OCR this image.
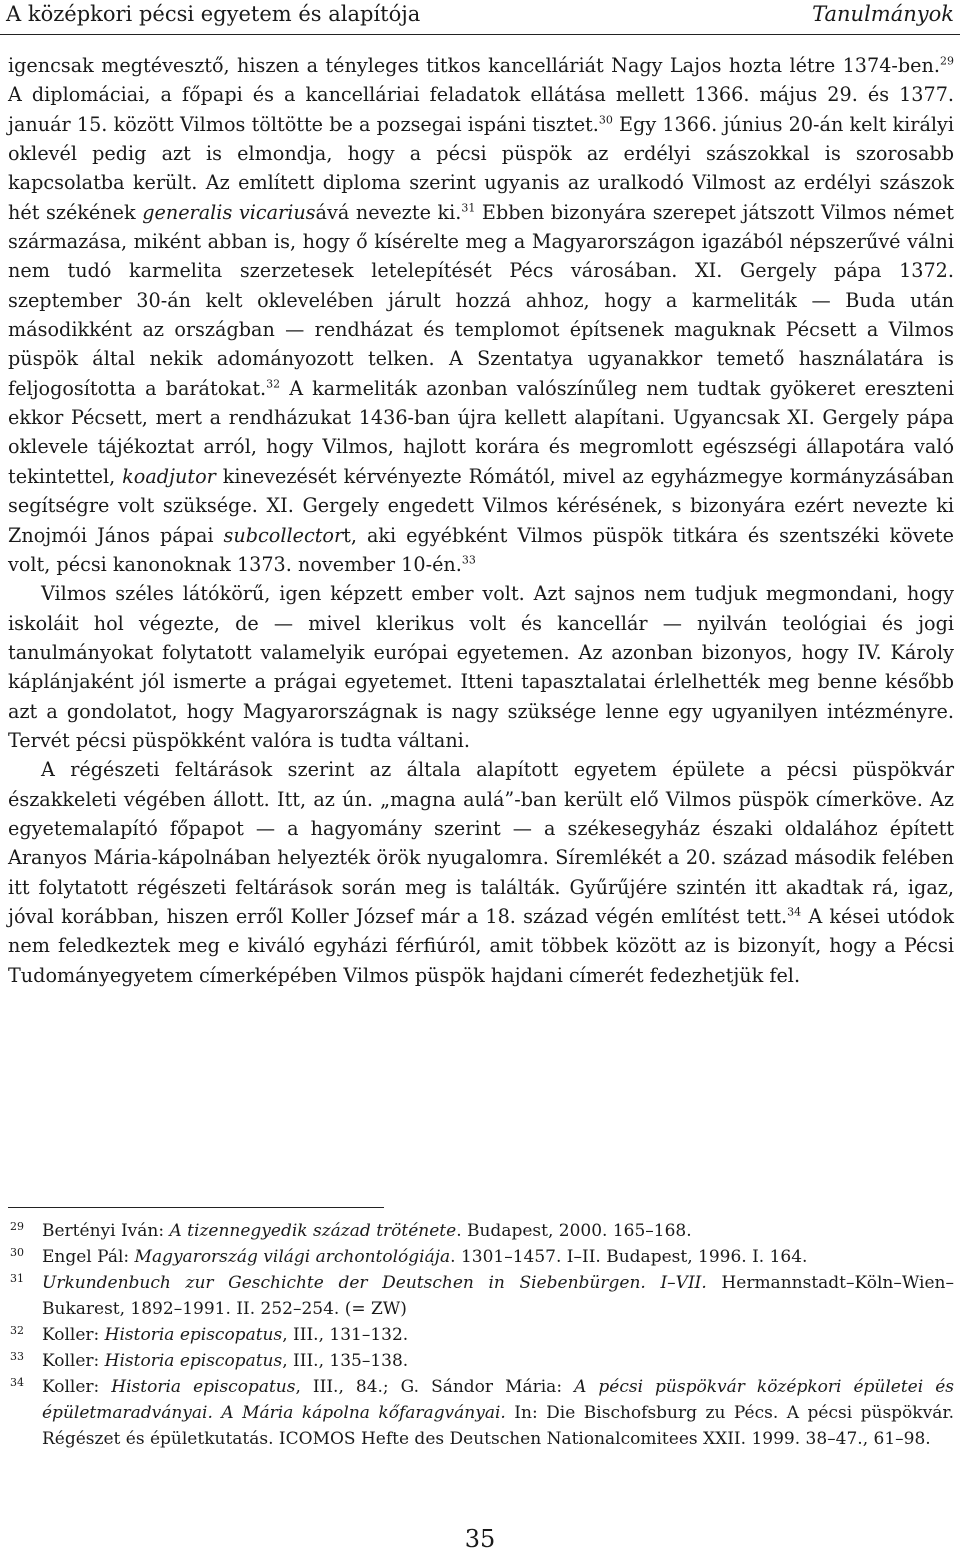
A középkori pécsi egyetem és alapítója	Tanulmányok

igencsak megtévesztő, hiszen a tényleges titkos kancelláriát Nagy Lajos hozta létre 1374-ben.$^{29}$ A diplomáciai, a főpapi és a kancelláriai feladatok ellátása mellett 1366. május 29. és 1377. január 15. között Vilmos töltötte be a pozsegai ispáni tisztet.$^{30}$ Egy 1366. június 20-án kelt királyi oklevél pedig azt is elmondja, hogy a pécsi püspök az erdélyi szászokkal is szorosabb kapcsolatba került. Az említett diploma szerint ugyanis az uralkodó Vilmost az erdélyi szászok hét székének generalis vicariusává nevezte ki.$^{31}$ Ebben bizonyára szerepet játszott Vilmos német származása, miként abban is, hogy ő kísérelte meg a Magyarországon igazából népszerűvé válni nem tudó karmelita szerzetesek letelepítését Pécs városában. XI. Gergely pápa 1372. szeptember 30-án kelt oklevelében járult hozzá ahhoz, hogy a karmeliták — Buda után másodikként az országban — rendházat és templomot építsenek maguknak Pécsett a Vilmos püspök által nekik adományozott telken. A Szentatya ugyanakkor temető használatára is feljogosította a barátokat.$^{32}$ A karmeliták azonban valószínűleg nem tudtak gyökeret ereszteni ekkor Pécsett, mert a rendházukat 1436-ban újra kellett alapítani. Ugyancsak XI. Gergely pápa oklevele tájékoztat arról, hogy Vilmos, hajlott korára és megromlott egészségi állapotára való tekintettel, koadjutor kinevezését kérvényezte Rómától, mivel az egyházmegye kormányzásában segítségre volt szüksége. XI. Gergely engedett Vilmos kérésének, s bizonyára ezért nevezte ki Znojmói János pápai subcollectort, aki egyébként Vilmos püspök titkára és szentszéki követe volt, pécsi kanonoknak 1373. november 10-én.$^{33}$

Vilmos széles látókörű, igen képzett ember volt. Azt sajnos nem tudjuk megmondani, hogy iskoláit hol végezte, de — mivel klerikus volt és kancellár — nyilván teológiai és jogi tanulmányokat folytatott valamelyik európai egyetemen. Az azonban bizonyos, hogy IV. Károly káplánjaként jól ismerte a prágai egyetemet. Itteni tapasztalatai érlelhették meg benne később azt a gondolatot, hogy Magyarországnak is nagy szüksége lenne egy ugyanilyen intézményre. Tervét pécsi püspökként valóra is tudta váltani.

A régészeti feltárások szerint az általa alapított egyetem épülete a pécsi püspökvár északkeleti végében állott. Itt, az ún. „magna aulá”-ban került elő Vilmos püspök címerköve. Az egyetemalapító főpapot — a hagyomány szerint — a székesegyház északi oldalához épített Aranyos Mária-kápolnában helyezték örök nyugalomra. Síremlékét a 20. század második felében itt folytatott régészeti feltárások során meg is találták. Gyűrűjére szintén itt akadtak rá, igaz, jóval korábban, hiszen erről Koller József már a 18. század végén említést tett.$^{34}$ A kései utódok nem feledkeztek meg e kiváló egyházi férfiúról, amit többek között az is bizonyít, hogy a Pécsi Tudományegyetem címerképében Vilmos püspök hajdani címerét fedezhetjük fel.

29 Bertényi Iván: A tizennegyedik század tröténete. Budapest, 2000. 165–168.
30 Engel Pál: Magyarország világi archontológiája. 1301–1457. I–II. Budapest, 1996. I. 164.
31 Urkundenbuch zur Geschichte der Deutschen in Siebenbürgen. I–VII. Hermannstadt–Köln–Wien–Bukarest, 1892–1991. II. 252–254. (= ZW)
32 Koller: Historia episcopatus, III., 131–132.
33 Koller: Historia episcopatus, III., 135–138.
34 Koller: Historia episcopatus, III., 84.; G. Sándor Mária: A pécsi püspökvár középkori épületei és épületmaradványai. A Mária kápolna kőfaragványai. In: Die Bischofsburg zu Pécs. A pécsi püspökvár. Régészet és épületkutatás. ICOMOS Hefte des Deutschen Nationalcomitees XXII. 1999. 38–47., 61–98.
35
